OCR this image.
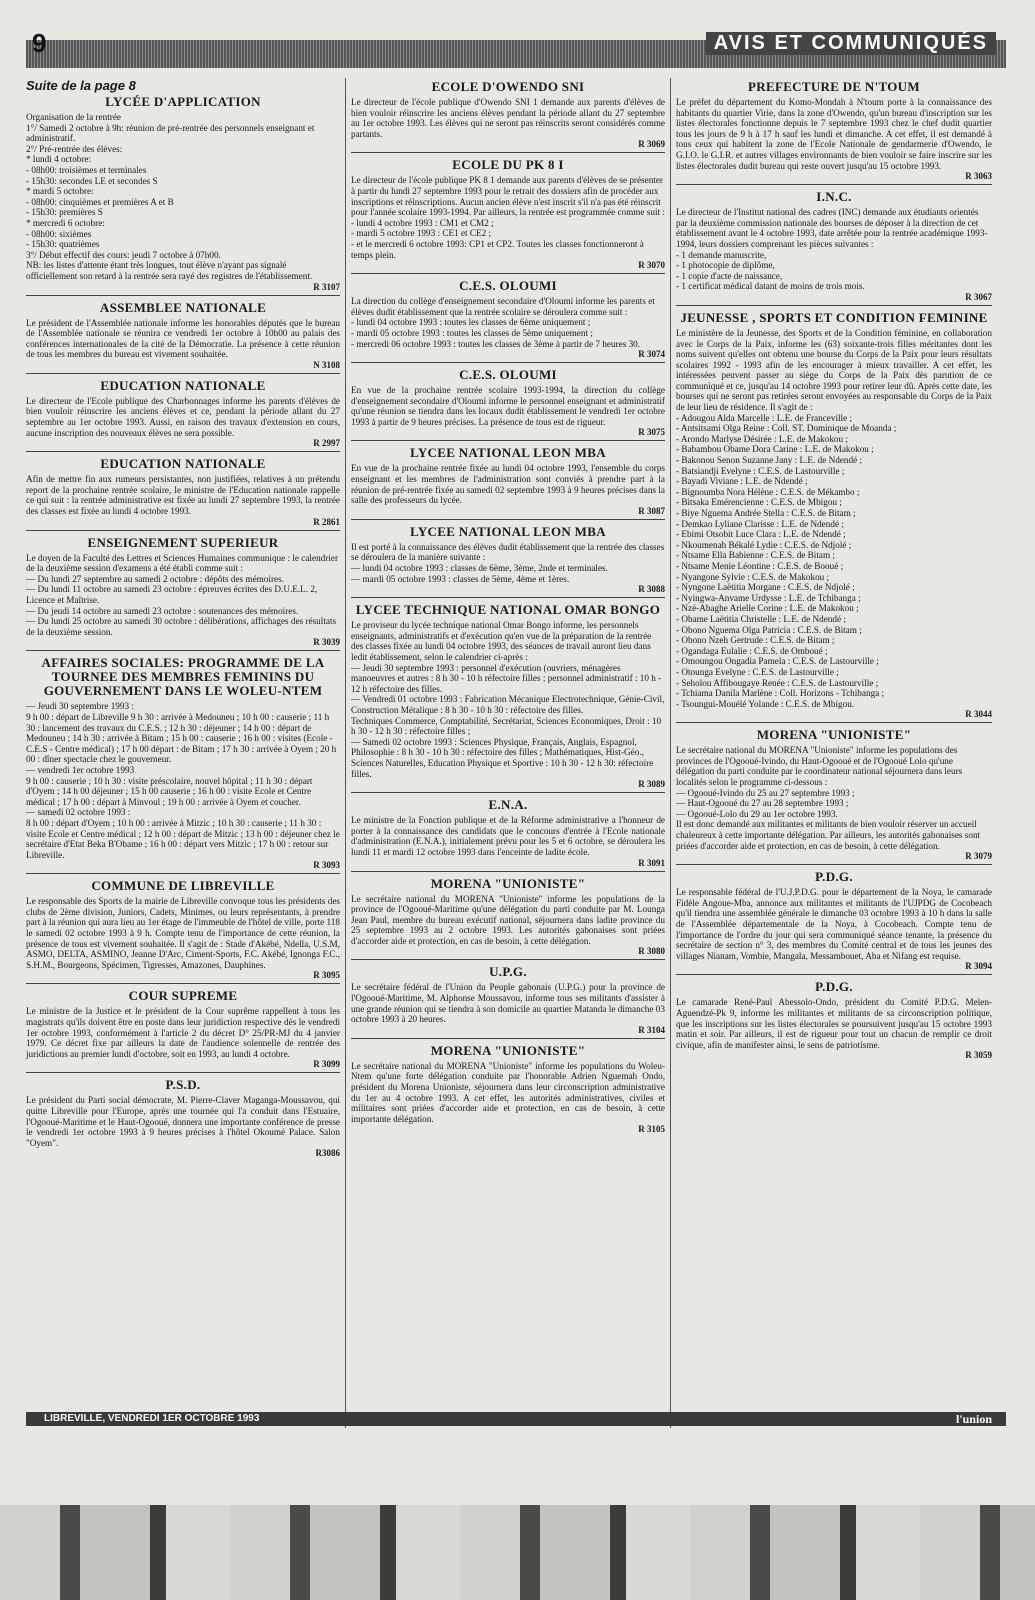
9	AVIS ET COMMUNIQUÉS
Suite de la page 8
LYCÉE D'APPLICATION
Organisation de la rentrée
1°/ Samedi 2 octobre à 9h: réunion de pré-rentrée des personnels enseignant et administratif.
2°/ Pré-rentrée des élèves:
* lundi 4 octobre:
- 08h00: troisièmes et terminales
- 15h30: secondes LE et secondes S
* mardi 5 octobre:
- 08h00: cinquièmes et premières A et B
- 15h30: premières S
* mercredi 6 octobre:
- 08h00: sixièmes
- 15h30: quatrièmes
3°/ Début effectif des cours: jeudi 7 octobre à 07h00.
NB: les listes d'attente étant très longues, tout élève n'ayant pas signalé officiellement son retard à la rentrée sera rayé des registres de l'établissement.
R 3107
ASSEMBLEE NATIONALE

Le président de l'Assemblée nationale informe les honorables députés que le bureau de l'Assemblée nationale se réunira ce vendredi 1er octobre à 10h00 au palais des conférences internationales de la cité de la Démocratie. La présence à cette réunion de tous les membres du bureau est vivement souhaitée.

N 3108
EDUCATION NATIONALE

Le directeur de l'Ecole publique des Charbonnages informe les parents d'élèves de bien vouloir réinscrire les anciens élèves et ce, pendant la période allant du 27 septembre au 1er octobre 1993. Aussi, en raison des travaux d'extension en cours, aucune inscription des nouveaux élèves ne sera possible.

R 2997
EDUCATION NATIONALE

Afin de mettre fin aux rumeurs persistantes, non justifiées, relatives à un prétendu report de la prochaine rentrée scolaire, le ministre de l'Education nationale rappelle ce qui suit : la rentrée administrative est fixée au lundi 27 septembre 1993, la rentrée des classes est fixée au lundi 4 octobre 1993.

R 2861
ENSEIGNEMENT SUPERIEUR
Le doyen de la Faculté des Lettres et Sciences Humaines communique : le calendrier de la deuxième session d'examens a été établi comme suit :
— Du lundi 27 septembre au samedi 2 octobre : dépôts des mémoires.
— Du lundi 11 octobre au samedi 23 octobre : épreuves écrites des D.U.E.L. 2, Licence et Maîtrise.
— Du jeudi 14 octobre au samedi 23 octobre : soutenances des mémoires.
— Du lundi 25 octobre au samedi 30 octobre : délibérations, affichages des résultats de la deuxième session.
R 3039
AFFAIRES SOCIALES: PROGRAMME DE LA TOURNEE DES MEMBRES FEMININS DU GOUVERNEMENT DANS LE WOLEU-NTEM
— Jeudi 30 septembre 1993 :
9 h 00 : départ de Libreville 9 h 30 : arrivée à Medouneu ; 10 h 00 : causerie ; 11 h 30 : lancement des travaux du C.E.S. ; 12 h 30 : déjeuner ; 14 h 00 : départ de Medouneu ; 14 h 30 : arrivée à Bitam ; 15 h 00 : causerie ; 16 h 00 : visites (Ecole - C.E.S - Centre médical) ; 17 h 00 départ : de Bitam ; 17 h 30 : arrivée à Oyem ; 20 h 00 : dîner spectacle chez le gouverneur.
— vendredi 1er octobre 1993
9 h 00 : causerie ; 10 h 30 : visite préscolaire, nouvel hôpital ; 11 h 30 : départ d'Oyem ; 14 h 00 déjeuner ; 15 h 00 causerie ; 16 h 00 : visite Ecole et Centre médical ; 17 h 00 : départ à Minvoul ; 19 h 00 : arrivée à Oyem et coucher.
— samedi 02 octobre 1993 :
8 h 00 : départ d'Oyem ; 10 h 00 : arrivée à Mitzic ; 10 h 30 : causerie ; 11 h 30 : visite Ecole et Centre médical ; 12 h 00 : départ de Mitzic ; 13 h 00 : déjeuner chez le secrétaire d'Etat Beka B'Obame ; 16 h 00 : départ vers Mitzic ; 17 h 00 : retour sur Libreville.
R 3093
COMMUNE DE LIBREVILLE

Le responsable des Sports de la mairie de Libreville convoque tous les présidents des clubs de 2ème division, Juniors, Cadets, Minimes, ou leurs représentants, à prendre part à la réunion qui aura lieu au 1er étage de l'immeuble de l'hôtel de ville, porte 118 le samedi 02 octobre 1993 à 9 h. Compte tenu de l'importance de cette réunion, la présence de tous est vivement souhaitée. Il s'agit de : Stade d'Akébé, Ndella, U.S.M, ASMO, DELTA, ASMINO, Jeanne D'Arc, Ciment-Sports, F.C. Akébé, Ignonga F.C., S.H.M., Bourgeons, Spécimen, Tigresses, Amazones, Dauphines.

R 3095
COUR SUPREME

Le ministre de la Justice et le président de la Cour suprême rappellent à tous les magistrats qu'ils doivent être en poste dans leur juridiction respective dès le vendredi 1er octobre 1993, conformément à l'article 2 du décret D° 25/PR-MJ du 4 janvier 1979. Ce décret fixe par ailleurs la date de l'audience solennelle de rentrée des juridictions au premier lundi d'octobre, soit en 1993, au lundi 4 octobre.

R 3099
P.S.D.

Le président du Parti social démocrate, M. Pierre-Claver Maganga-Moussavou, qui quitte Libreville pour l'Europe, après une tournée qui l'a conduit dans l'Estuaire, l'Ogooué-Maritime et le Haut-Ogooué, donnera une importante conférence de presse le vendredi 1er octobre 1993 à 9 heures précises à l'hôtel Okoumé Palace. Salon "Oyem".

R3086
ECOLE D'OWENDO SNI

Le directeur de l'école publique d'Owendo SNI 1 demande aux parents d'élèves de bien vouloir réinscrire les anciens élèves pendant la période allant du 27 septembre au 1er octobre 1993. Les élèves qui ne seront pas réinscrits seront considérés comme partants.

R 3069
ECOLE DU PK 8 I
Le directeur de l'école publique PK 8 1 demande aux parents d'élèves de se présenter à partir du lundi 27 septembre 1993 pour le retrait des dossiers afin de procéder aux inscriptions et réinscriptions. Aucun ancien élève n'est inscrit s'il n'a pas été réinscrit pour l'année scolaire 1993-1994. Par ailleurs, la rentrée est programmée comme suit :
- lundi 4 octobre 1993 : CM1 et CM2 ;
- mardi 5 octobre 1993 : CE1 et CE2 ;
- et le mercredi 6 octobre 1993: CP1 et CP2. Toutes les classes fonctionneront à temps plein.
R 3070
C.E.S. OLOUMI
La direction du collège d'enseignement secondaire d'Oloumi informe les parents et élèves dudit établissement que la rentrée scolaire se déroulera comme suit :
- lundi 04 octobre 1993 : toutes les classes de 6ème uniquement ;
- mardi 05 octobre 1993 : toutes les classes de 5ème uniquement ;
- mercredi 06 octobre 1993 : toutes les classes de 3ème à partir de 7 heures 30.
R 3074
C.E.S. OLOUMI

En vue de la prochaine rentrée scolaire 1993-1994, la direction du collège d'enseignement secondaire d'Oloumi informe le personnel enseignant et administratif qu'une réunion se tiendra dans les locaux dudit établissement le vendredi 1er octobre 1993 à partir de 9 heures précises. La présence de tous est de rigueur.

R 3075
LYCEE NATIONAL LEON MBA

En vue de la prochaine rentrée fixée au lundi 04 octobre 1993, l'ensemble du corps enseignant et les membres de l'administration sont conviés à prendre part à la réunion de pré-rentrée fixée au samedi 02 septembre 1993 à 9 heures précises dans la salle des professeurs du lycée.

R 3087
LYCEE NATIONAL LEON MBA
Il est porté à la connaissance des élèves dudit établissement que la rentrée des classes se déroulera de la manière suivante :
— lundi 04 octobre 1993 : classes de 6ème, 3ème, 2nde et terminales.
— mardi 05 octobre 1993 : classes de 5ème, 4ème et 1ères.
R 3088
LYCEE TECHNIQUE NATIONAL OMAR BONGO
Le proviseur du lycée technique national Omar Bongo informe, les personnels enseignants, administratifs et d'exécution qu'en vue de la préparation de la rentrée des classes fixée au lundi 04 octobre 1993, des séances de travail auront lieu dans ledit établissement, selon le calendrier ci-après :
— Jeudi 30 septembre 1993 : personnel d'exécution (ouvriers, ménagères manoeuvres et autres : 8 h 30 - 10 h réfectoire filles ; personnel administratif : 10 h - 12 h réfectoire des filles.
— Vendredi 01 octobre 1993 : Fabrication Mécanique Electrotechnique, Génie-Civil, Construction Métalique : 8 h 30 - 10 h 30 : réfectoire des filles.
Techniques Commerce, Comptabilité, Secrétariat, Sciences Economiques, Droit : 10 h 30 - 12 h 30 : réfectoire filles ;
— Samedi 02 octobre 1993 : Sciences Physique, Français, Anglais, Espagnol, Philosophie : 8 h 30 - 10 h 30 : réfectoire des filles ; Mathématiques, Hist-Géo., Sciences Naturelles, Education Physique et Sportive : 10 h 30 - 12 h 30: réfectoire filles.
R 3089
E.N.A.

Le ministre de la Fonction publique et de la Réforme administrative a l'honneur de porter à la connaissance des candidats que le concours d'entrée à l'Ecole nationale d'administration (E.N.A.), initialement prévu pour les 5 et 6 octobre, se déroulera les lundi 11 et mardi 12 octobre 1993 dans l'enceinte de ladite école.

R 3091
MORENA "UNIONISTE"

Le secrétaire national du MORENA "Unioniste" informe les populations de la province de l'Ogooué-Maritime qu'une délégation du parti conduite par M. Lounga Jean Paul, membre du bureau exécutif national, séjournera dans ladite province du 25 septembre 1993 au 2 octobre 1993. Les autorités gabonaises sont priées d'accorder aide et protection, en cas de besoin, à cette délégation.

R 3080
U.P.G.

Le secrétaire fédéral de l'Union du Peuple gabonais (U.P.G.) pour la province de l'Ogooué-Maritime, M. Alphonse Moussavou, informe tous ses militants d'assister à une grande réunion qui se tiendra à son domicile au quartier Matanda le dimanche 03 octobre 1993 à 20 heures.

R 3104
MORENA "UNIONISTE"

Le secrétaire national du MORENA "Unioniste" informe les populations du Woleu-Ntem qu'une forte délégation conduite par l'honorable Adrien Nguemah Ondo, président du Morena Unioniste, séjournera dans leur circonscription administrative du 1er au 4 octobre 1993. A cet effet, les autorités administratives, civiles et militaires sont priées d'accorder aide et protection, en cas de besoin, à cette importante délégation.

R 3105
PREFECTURE DE N'TOUM

Le préfet du département du Komo-Mondah à N'toum porte à la connaissance des habitants du quartier Virie, dans la zone d'Owendo, qu'un bureau d'inscription sur les listes électorales fonctionne depuis le 7 septembre 1993 chez le chef dudit quartier tous les jours de 9 h à 17 h sauf les lundi et dimanche. A cet effet, il est demandé à tous ceux qui habitent la zone de l'Ecole Nationale de gendarmerie d'Owendo, le G.I.O. le G.I.R. et autres villages environnants de bien vouloir se faire inscrire sur les listes électorales dudit bureau qui reste ouvert jusqu'au 15 octobre 1993.

R 3063
I.N.C.
Le directeur de l'Institut national des cadres (INC) demande aux étudiants orientés par la deuxième commission nationale des bourses de déposer à la direction de cet établissement avant le 4 octobre 1993, date arrêtée pour la rentrée académique 1993-1994, leurs dossiers comprenant les pièces suivantes :
- 1 demande manuscrite,
- 1 photocopie de diplôme,
- 1 copie d'acte de naissance,
- 1 certificat médical datant de moins de trois mois.
R 3067
JEUNESSE , SPORTS ET CONDITION FEMININE

Le ministère de la Jeunesse, des Sports et de la Condition féminine, en collaboration avec le Corps de la Paix, informe les (63) soixante-trois filles méritantes dont les noms suivent qu'elles ont obtenu une bourse du Corps de la Paix pour leurs résultats scolaires 1992 - 1993 afin de les encourager à mieux travailler. A cet effet, les intéressées peuvent passer au siège du Corps de la Paix dès parution de ce communiqué et ce, jusqu'au 14 octobre 1993 pour retirer leur dû. Après cette date, les bourses qui ne seront pas retirées seront envoyées au responsable du Corps de la Paix de leur lieu de résidence. Il s'agit de :

- Adougou Alda Marcelle : L.E. de Franceville ;
- Antsitsami Olga Reine : Coll. ST. Dominique de Moanda ;
- Arondo Marlyse Désirée : L.E. de Makokou ;
- Babambou Obame Dora Carine : L.E. de Makokou ;
- Bakonou Senon Suzanne Jany : L.E. de Ndendé ;
- Batsiandji Evelyne : C.E.S. de Lastourville ;
- Bayadi Viviane : L.E. de Ndendé ;
- Bignoumba Nora Hélène : C.E.S. de Mékambo ;
- Bitsaka Emérencienne : C.E.S. de Mbigou ;
- Biye Nguema Andrée Stella : C.E.S. de Bitam ;
- Demkao Lyliane Clarisse : L.E. de Ndendé ;
- Ebimi Otsobit Luce Clara : L.E. de Ndendé ;
- Nkoumenah Békalé Lydie : C.E.S. de Ndjolé ;
- Ntsame Ella Babienne : C.E.S. de Bitam ;
- Ntsame Menie Léontine : C.E.S. de Booué ;
- Nyangone Sylvie : C.E.S. de Makokou ;
- Nyngone Laëtitia Morgane : C.E.S. de Ndjolé ;
- Nyingwa-Anvame Urdysse : L.E. de Tchibanga ;
- Nzé-Abaghe Arielle Corine : L.E. de Makokou ;
- Obame Laëtitia Christelle : L.E. de Ndendé ;
- Obono Nguema Olga Patricia : C.E.S. de Bitam ;
- Obono Nzeh Gertrude : C.E.S. de Bitam ;
- Ogandaga Eulalie : C.E.S. de Omboué ;
- Omoungou Ongadia Pamela : C.E.S. de Lastourville ;
- Otounga Evelyne : C.E.S. de Lastourville ;
- Seholou Affibougaye Renée : C.E.S. de Lastourville ;
- Tchiama Danila Marlène : Coll. Horizons - Tchibanga ;
- Tsoungui-Mouélé Yolande : C.E.S. de Mbigou.
R 3044
MORENA "UNIONISTE"
Le secrétaire national du MORENA "Unioniste" informe les populations des provinces de l'Ogooué-Ivindo, du Haut-Ogooué et de l'Ogooué Lolo qu'une délégation du parti conduite par le coordinateur national séjournera dans leurs localités selon le programme ci-dessous :
— Ogooué-Ivindo du 25 au 27 septembre 1993 ;
— Haut-Ogooué du 27 au 28 septembre 1993 ;
— Ogooué-Lolo du 29 au 1er octobre 1993.
Il est donc demandé aux militantes et militants de bien vouloir réserver un accueil chaleureux à cette importante délégation. Par ailleurs, les autorités gabonaises sont priées d'accorder aide et protection, en cas de besoin, à cette délégation.
R 3079
P.D.G.

Le responsable fédéral de l'U.J.P.D.G. pour le département de la Noya, le camarade Fidèle Angoue-Mba, annonce aux militantes et militants de l'UJPDG de Cocobeach qu'il tiendra une assemblée générale le dimanche 03 octobre 1993 à 10 h dans la salle de l'Assemblée départementale de la Noya, à Cocobeach. Compte tenu de l'importance de l'ordre du jour qui sera communiqué séance tenante, la présence du secrétaire de section n° 3, des membres du Comité central et de tous les jeunes des villages Nianam, Vombie, Mangala, Messambouet, Aba et Nifang est requise.

R 3094
P.D.G.

Le camarade René-Paul Abessolo-Ondo, président du Comité P.D.G. Melen-Aguendzé-Pk 9, informe les militantes et militants de sa circonscription politique, que les inscriptions sur les listes électorales se poursuivent jusqu'au 15 octobre 1993 matin et soir. Par ailleurs, il est de rigueur pour tout un chacun de remplir ce droit civique, afin de manifester ainsi, le sens de patriotisme.

R 3059
LIBREVILLE, VENDREDI 1ER OCTOBRE 1993	l'union
